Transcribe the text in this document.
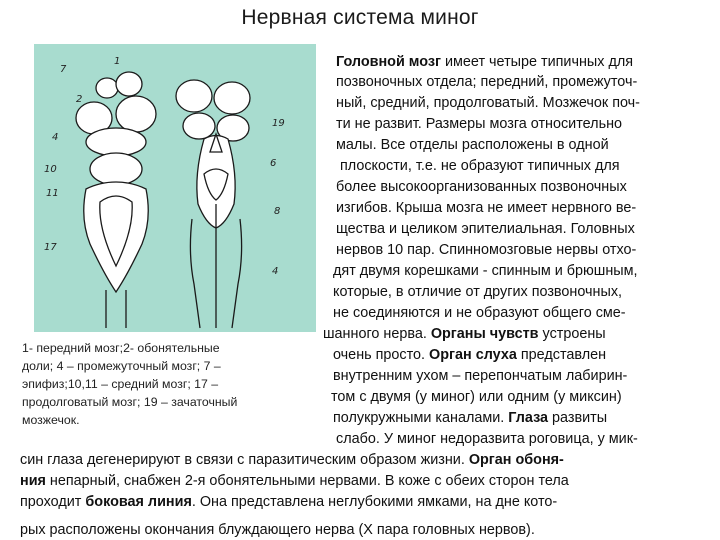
Нервная система миног
7
1
2
4
10
11
17
19
6
8
4
1- передний мозг;2- обонятельные
доли; 4 – промежуточный мозг; 7 –
эпифиз;10,11 – средний мозг; 17 –
продолговатый мозг; 19 – зачаточный
мозжечок.
Головной мозг имеет четыре типичных для
позвоночных отдела; передний, промежуточ-
ный, средний, продолговатый. Мозжечок поч-
ти не развит. Размеры мозга относительно
малы. Все отделы расположены в одной
плоскости, т.е. не образуют типичных для
более высокоорганизованных позвоночных
изгибов. Крыша мозга не имеет нервного ве-
щества и целиком эпителиальная. Головных
нервов 10 пар. Спинномозговые нервы отхо-
дят двумя корешками - спинным и брюшным,
которые, в отличие от других позвоночных,
не соединяются и не образуют общего сме-
шанного нерва. Органы чувств устроены
очень просто. Орган слуха представлен
внутренним ухом – перепончатым лабирин-
том с двумя (у миног) или одним (у миксин)
полукружными каналами. Глаза развиты
слабо. У миног недоразвита роговица, у мик-
син глаза дегенерируют в связи с паразитическим образом жизни. Орган обоня-
ния непарный, снабжен 2-я обонятельными нервами. В коже с обеих сторон тела
проходит боковая линия. Она представлена неглубокими ямками, на дне кото-
рых расположены окончания блуждающего нерва (X пара головных нервов).
